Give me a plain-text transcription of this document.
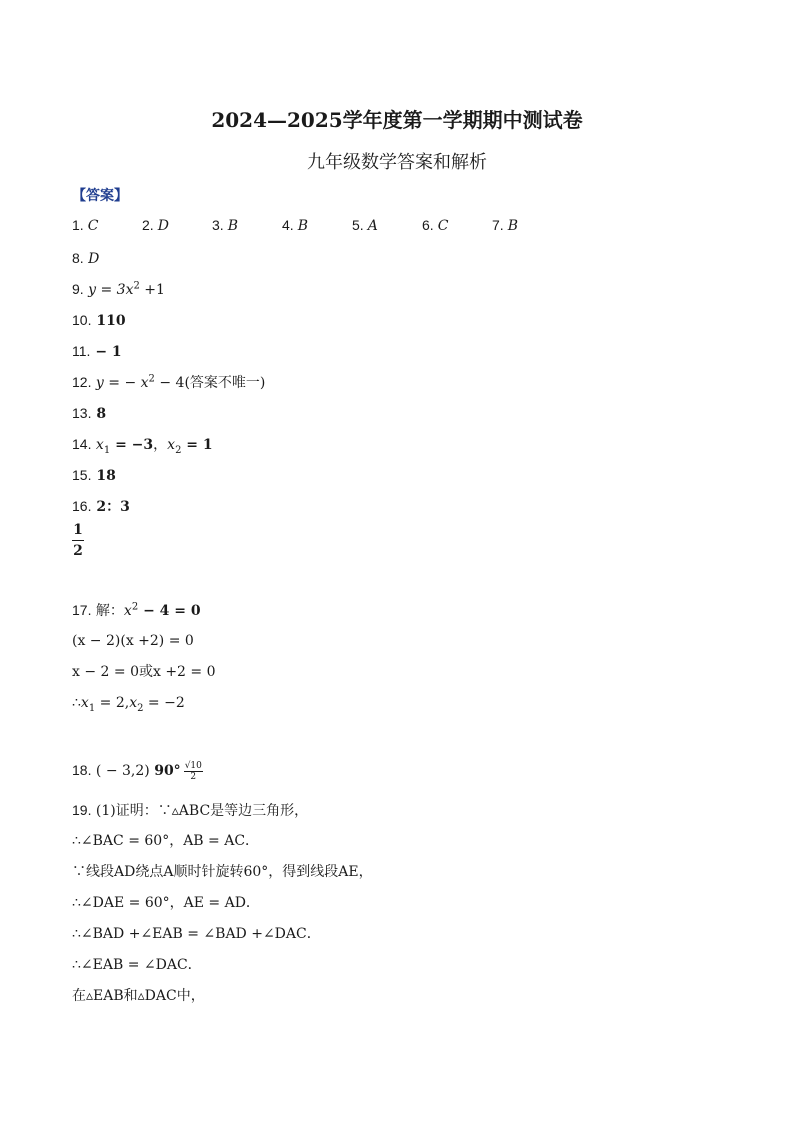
2024—2025学年度第一学期期中测试卷
九年级数学答案和解析
【答案】
1. C	2. D	3. B	4. B	5. A	6. C	7. B
8. D
9. $y = 3x^2 +1$
10. 110
11. − 1
12. y = − $x^2 - 4$(答案不唯一)
13. 8
14. $x_1 = -3$，$x_2 = 1$
15. 18
16. 2：3
1
2
17. 解：$x^2 - 4 = 0$
(x − 2)(x +2) = 0
x − 2 = 0或x +2 = 0
$\therefore x_1 = 2,x_2 = -2$
18. ( − 3,2) $90^\circ \frac{√10}{2}$
19. (1)证明：∵▵ABC是等边三角形，
∴∠BAC = 60°，AB = AC．
∵线段AD绕点A顺时针旋转60°，得到线段AE，
∴∠DAE = 60°，AE = AD．
∴∠BAD +∠EAB = ∠BAD +∠DAC．
∴∠EAB = ∠DAC．
在▵EAB和▵DAC中，
